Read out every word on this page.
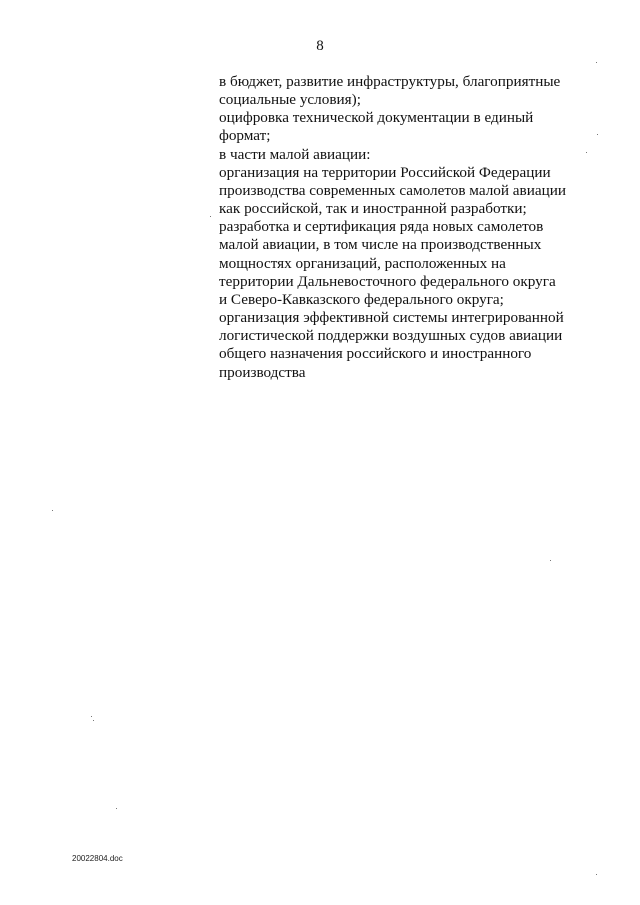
8
в бюджет, развитие инфраструктуры, благоприятные
социальные условия);
оцифровка технической документации в единый
формат;
в части малой авиации:
организация на территории Российской Федерации
производства современных самолетов малой авиации
как российской, так и иностранной разработки;
разработка и сертификация ряда новых самолетов
малой авиации, в том числе на производственных
мощностях организаций, расположенных на
территории Дальневосточного федерального округа
и Северо-Кавказского федерального округа;
организация эффективной системы интегрированной
логистической поддержки воздушных судов авиации
общего назначения российского и иностранного
производства
20022804.doc
